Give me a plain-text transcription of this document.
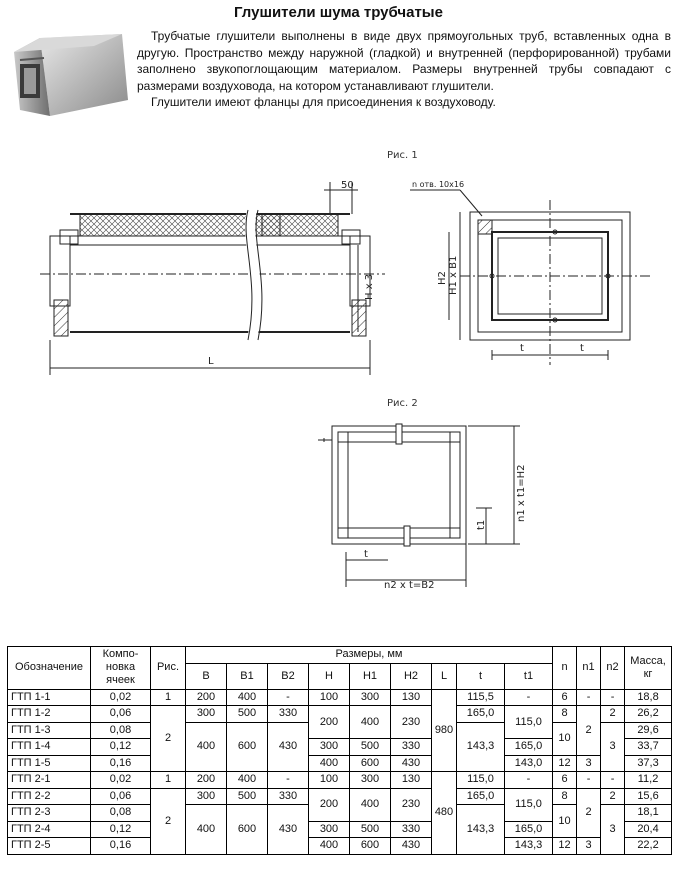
Глушители шума трубчатые

Трубчатые глушители выполнены в виде двух прямоугольных труб, вставленных одна в другую. Пространство между наружной (гладкой) и внутренней (перфорированной) трубами заполнено звукопоглощающим материалом. Размеры внутренней трубы совпадают с размерами воздуховода, на котором устанавливают глушители.

Глушители имеют фланцы для присоединения к воздуховоду.

Рис. 1
50
L
H x 3
n отв. 10х16
H1 x B1
H2
t	t
Рис. 2
t
t1
n2 x t=B2
n1 x t1=H2
Обозначение	Компо-
новка
ячеек	Рис.	Размеры, мм									n	n1	n2	Масса,
кг
			B	B1	B2	H	H1	H2	L	t	t1				
ГТП 1-1	0,02	1	200	400	-	100	300	130	980	115,5	-	6	-	-	18,8
ГТП 1-2	0,06	2	300	500	330	200	400	230		165,0	115,0	8	2	2	26,2
ГТП 1-3	0,08		400	600	430					143,3		10		3	29,6
ГТП 1-4	0,12					300	500	330			165,0				33,7
ГТП 1-5	0,16					400	600	430			143,0	12	3		37,3
ГТП 2-1	0,02	1	200	400	-	100	300	130	480	115,0	-	6	-	-	11,2
ГТП 2-2	0,06	2	300	500	330	200	400	230		165,0	115,0	8	2	2	15,6
ГТП 2-3	0,08		400	600	430					143,3		10		3	18,1
ГТП 2-4	0,12					300	500	330			165,0				20,4
ГТП 2-5	0,16					400	600	430			143,3	12	3		22,2
